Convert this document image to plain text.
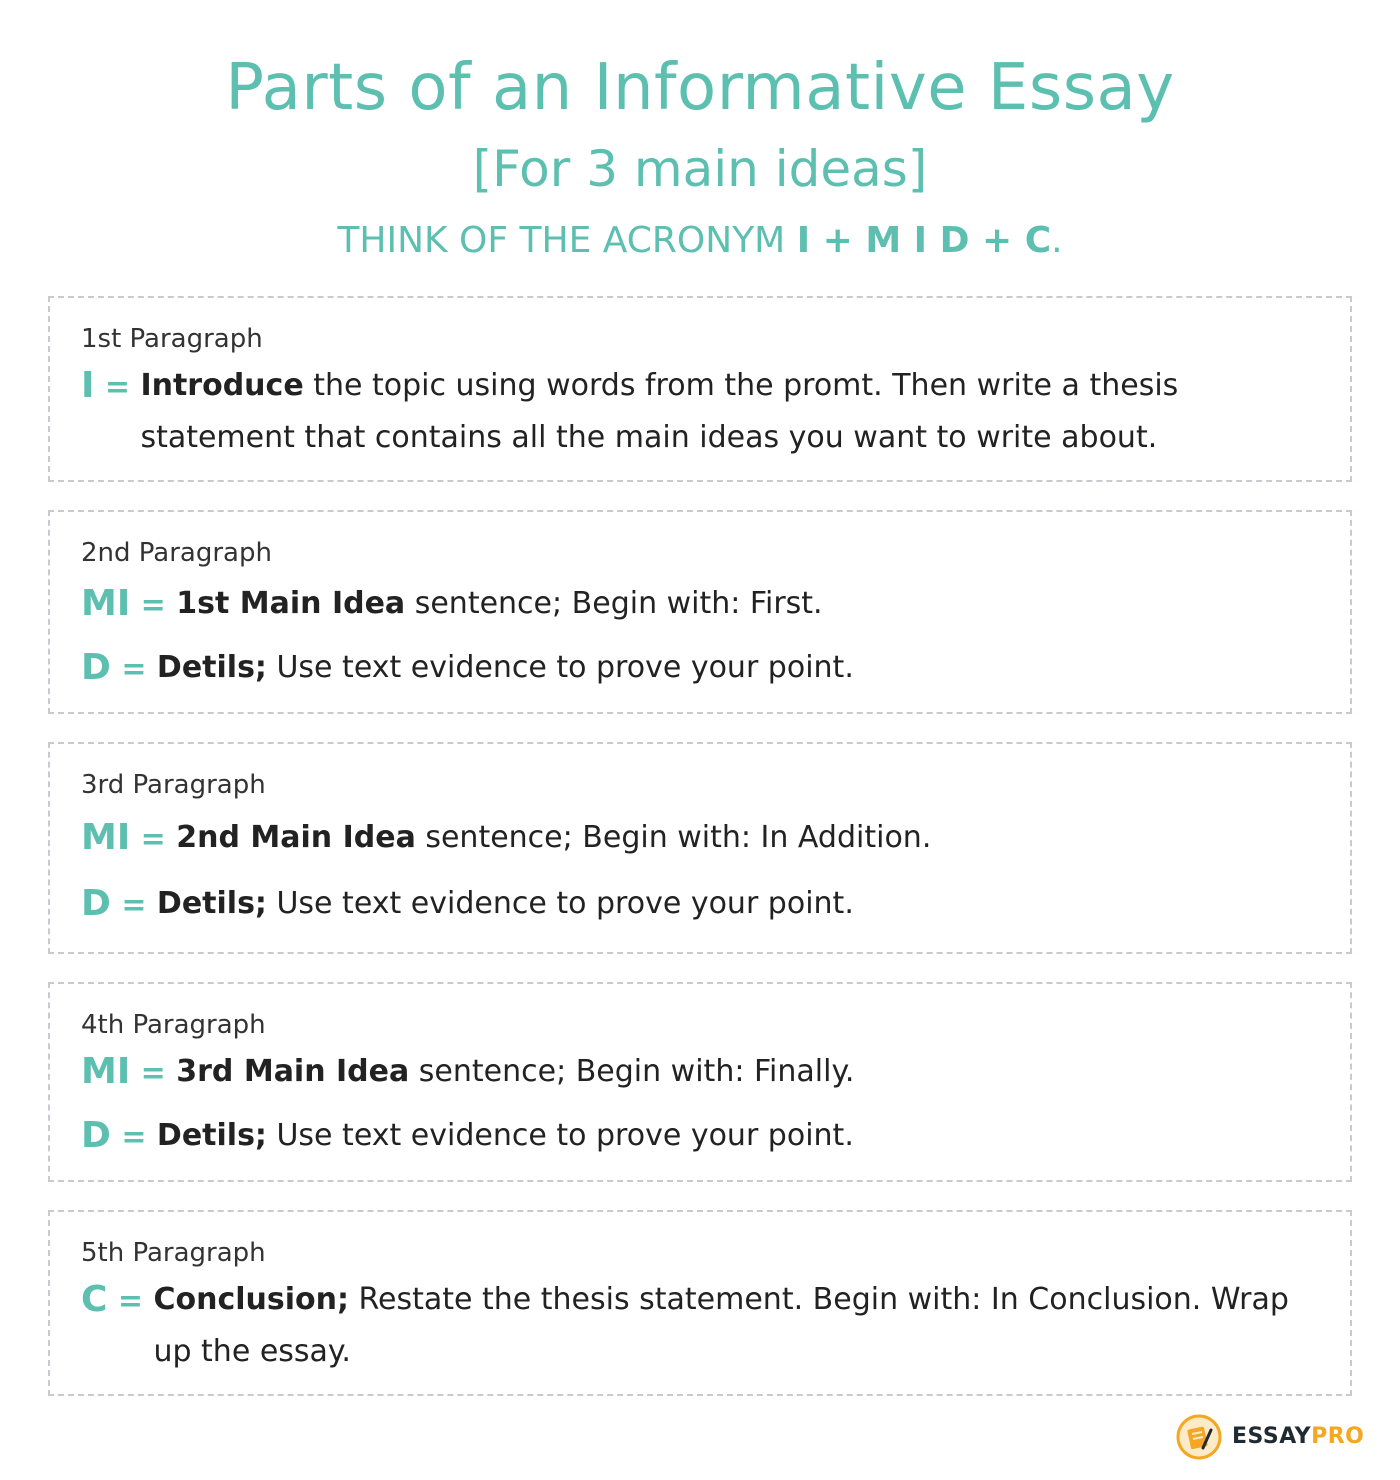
Parts of an Informative Essay
[For 3 main ideas]
THINK OF THE ACRONYM I + M I D + C.
1st Paragraph
I = Introduce the topic using words from the promt. Then write a thesis statement that contains all the main ideas you want to write about.
2nd Paragraph
MI = 1st Main Idea sentence; Begin with: First.
D = Detils; Use text evidence to prove your point.
3rd Paragraph
MI = 2nd Main Idea sentence; Begin with: In Addition.
D = Detils; Use text evidence to prove your point.
4th Paragraph
MI = 3rd Main Idea sentence; Begin with: Finally.
D = Detils; Use text evidence to prove your point.
5th Paragraph
C = Conclusion; Restate the thesis statement. Begin with: In Conclusion. Wrap up the essay.
ESSAYPRO
